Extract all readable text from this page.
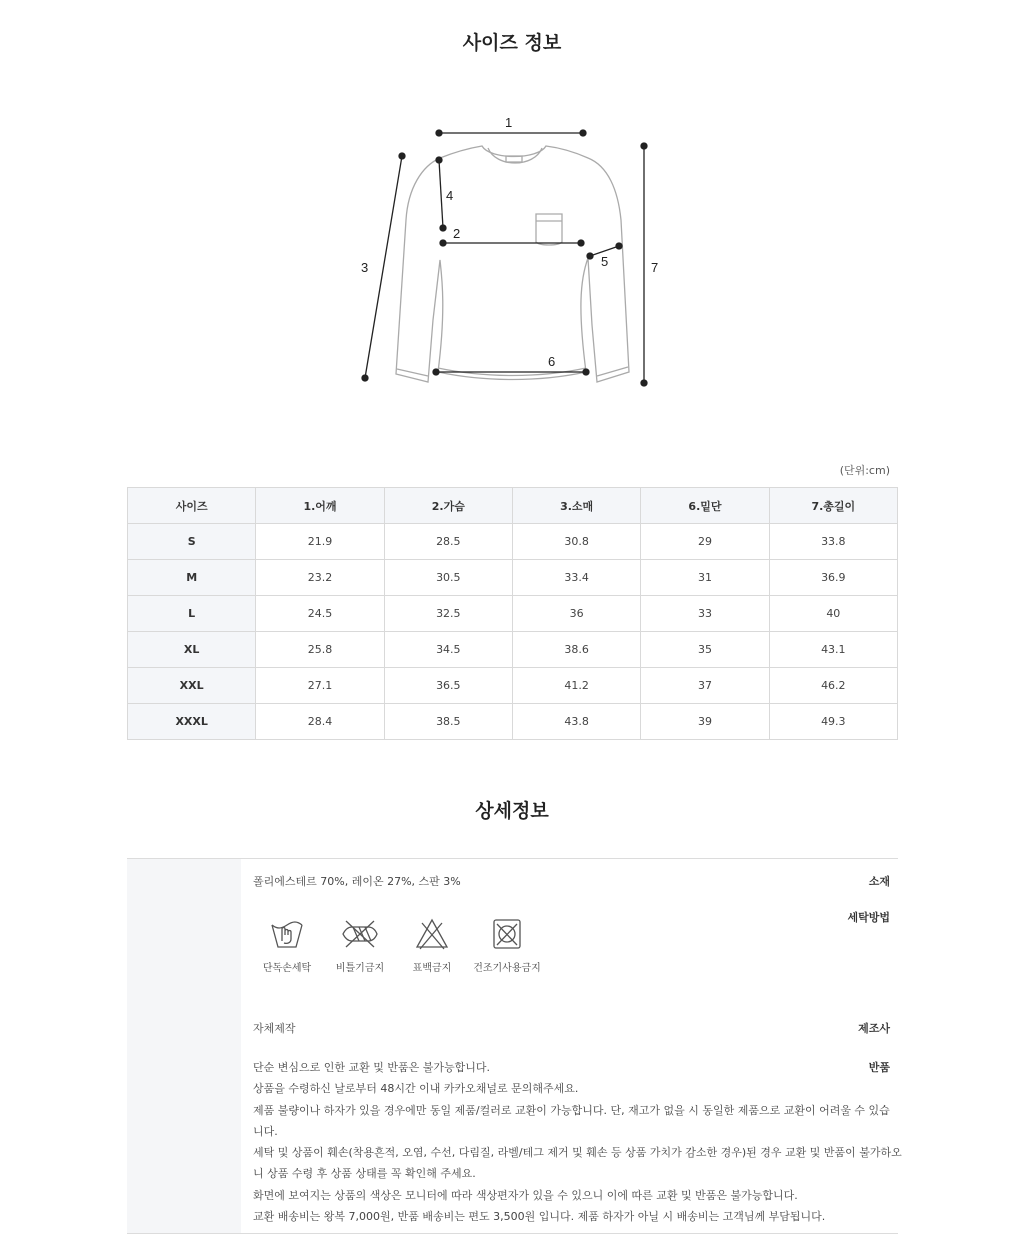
사이즈 정보
1
4
2
3	5
6
7
(단위:cm)
사이즈	1.어깨	2.가슴	3.소매	6.밑단	7.총길이
S	21.9	28.5	30.8	29	33.8
M	23.2	30.5	33.4	31	36.9
L	24.5	32.5	36	33	40
XL	25.8	34.5	38.6	35	43.1
XXL	27.1	36.5	41.2	37	46.2
XXXL	28.4	38.5	43.8	39	49.3
상세정보
소재
폴리에스테르 70%, 레이온 27%, 스판 3%
세탁방법
단독손세탁	비틀기금지	표백금지	건조기사용금지
제조사
자체제작
반품
단순 변심으로 인한 교환 및 반품은 불가능합니다.
상품을 수령하신 날로부터 48시간 이내 카카오채널로 문의해주세요.
제품 불량이나 하자가 있을 경우에만 동일 제품/컬러로 교환이 가능합니다. 단, 재고가 없을 시 동일한 제품으로 교환이 어려울 수 있습
니다.
세탁 및 상품이 훼손(착용흔적, 오염, 수선, 다림질, 라벨/테그 제거 및 훼손 등 상품 가치가 감소한 경우)된 경우 교환 및 반품이 불가하오
니 상품 수령 후 상품 상태를 꼭 확인해 주세요.
화면에 보여지는 상품의 색상은 모니터에 따라 색상편자가 있을 수 있으니 이에 따른 교환 및 반품은 불가능합니다.
교환 배송비는 왕복 7,000원, 반품 배송비는 편도 3,500원 입니다. 제품 하자가 아닐 시 배송비는 고객님께 부담됩니다.
